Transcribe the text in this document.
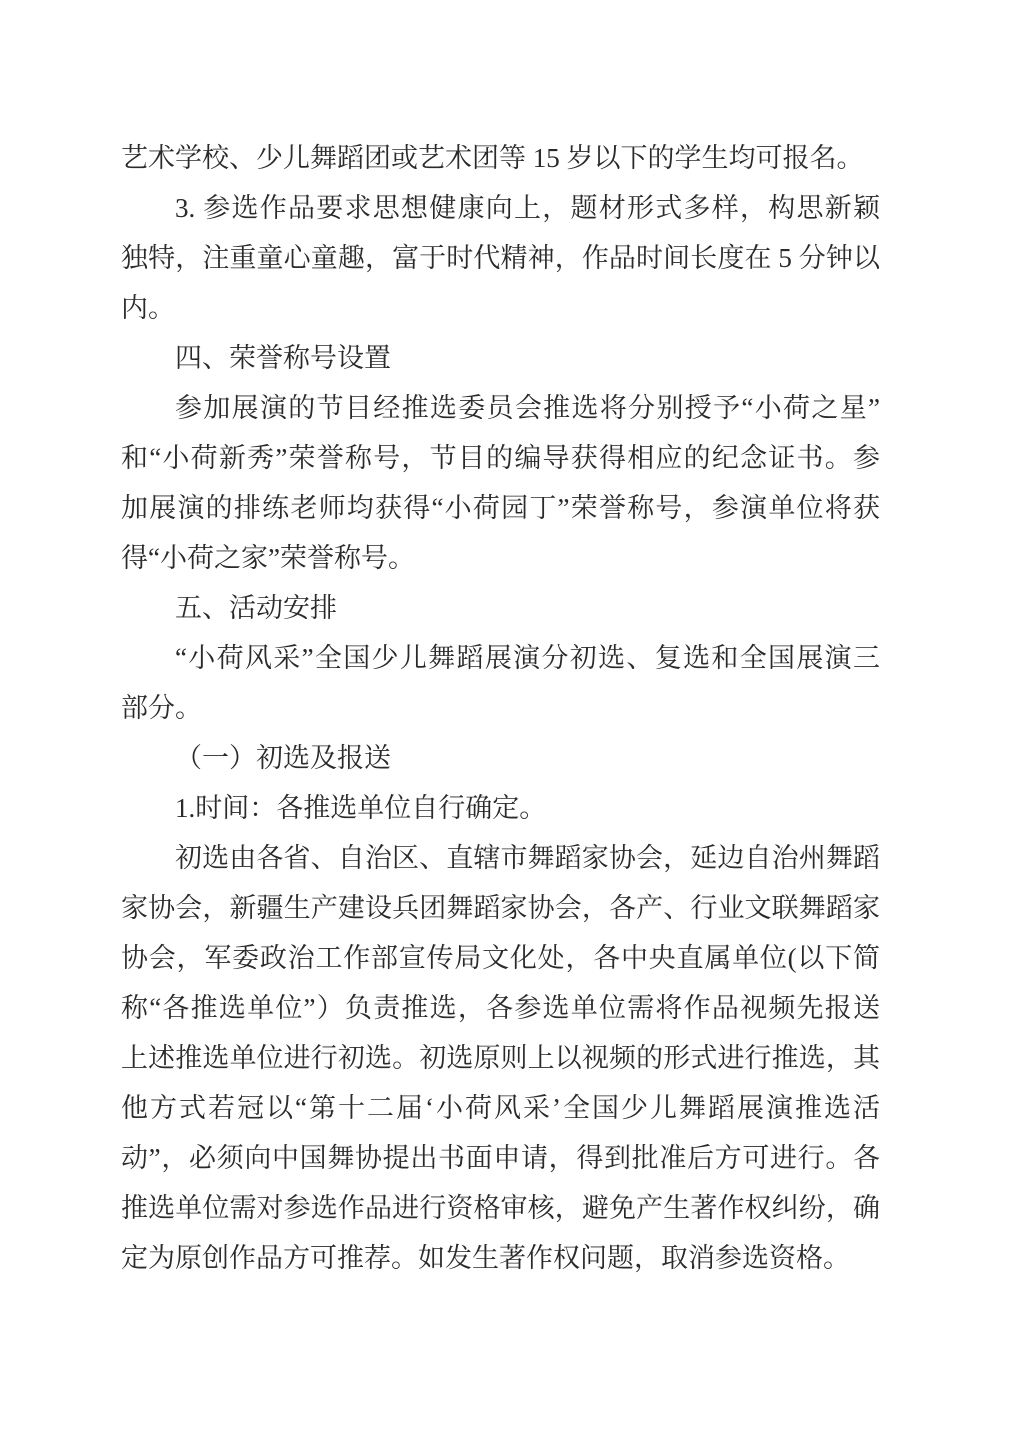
艺术学校、少儿舞蹈团或艺术团等 15 岁以下的学生均可报名。
3. 参选作品要求思想健康向上，题材形式多样，构思新颖
独特，注重童心童趣，富于时代精神，作品时间长度在 5 分钟以
内。
四、荣誉称号设置
参加展演的节目经推选委员会推选将分别授予“小荷之星”
和“小荷新秀”荣誉称号，节目的编导获得相应的纪念证书。参
加展演的排练老师均获得“小荷园丁”荣誉称号，参演单位将获
得“小荷之家”荣誉称号。
五、活动安排
“小荷风采”全国少儿舞蹈展演分初选、复选和全国展演三
部分。
（一）初选及报送
1.时间：各推选单位自行确定。
初选由各省、自治区、直辖市舞蹈家协会，延边自治州舞蹈
家协会，新疆生产建设兵团舞蹈家协会，各产、行业文联舞蹈家
协会，军委政治工作部宣传局文化处，各中央直属单位(以下简
称“各推选单位”）负责推选，各参选单位需将作品视频先报送
上述推选单位进行初选。初选原则上以视频的形式进行推选，其
他方式若冠以“第十二届‘小荷风采’全国少儿舞蹈展演推选活
动”，必须向中国舞协提出书面申请，得到批准后方可进行。各
推选单位需对参选作品进行资格审核，避免产生著作权纠纷，确
定为原创作品方可推荐。如发生著作权问题，取消参选资格。
